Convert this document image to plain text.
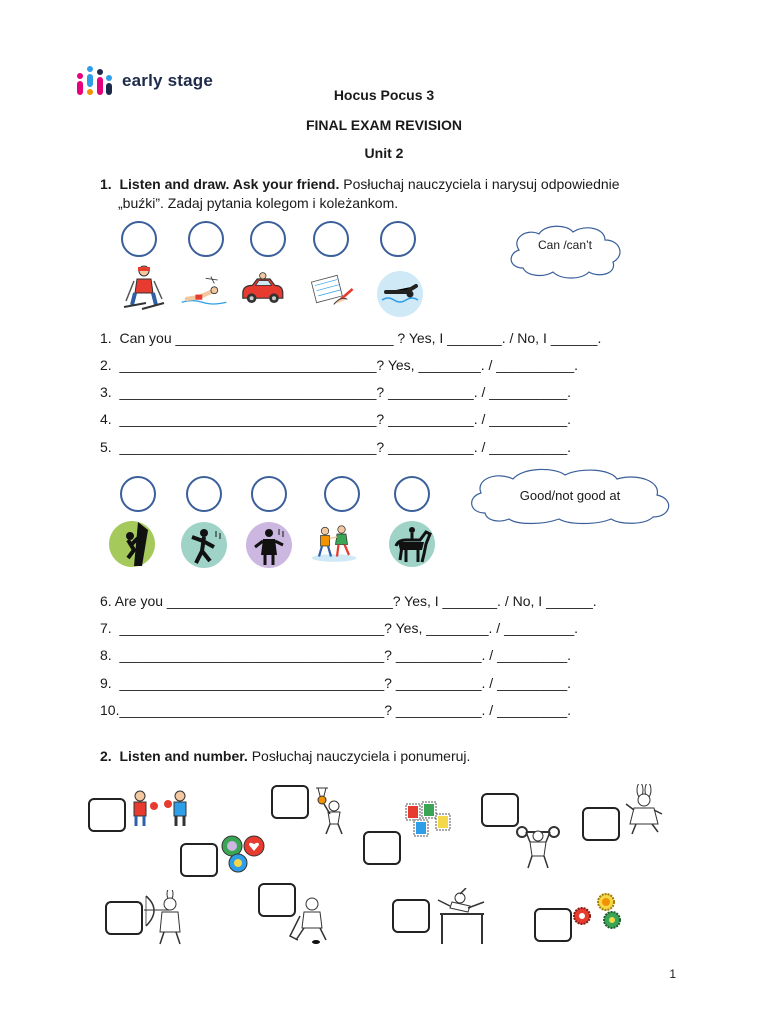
early stage
Hocus Pocus 3
FINAL EXAM REVISION
Unit 2
1. Listen and draw. Ask your friend. Posłuchaj nauczyciela i narysuj odpowiednie
„buźki”. Zadaj pytania kolegom i koleżankom.
Can /can’t
1.  Can you ____________________________ ? Yes, I _______. / No, I ______.
2.  _________________________________? Yes, ________. / __________.
3.  _________________________________? ___________. / __________.
4.  _________________________________? ___________. / __________.
5.  _________________________________? ___________. / __________.
Good/not good at
6. Are you _____________________________? Yes, I _______. / No, I ______.
7.  __________________________________? Yes, ________. / _________.
8.  __________________________________? ___________. / _________.
9.  __________________________________? ___________. / _________.
10.__________________________________? ___________. / _________.
2. Listen and number. Posłuchaj nauczyciela i ponumeruj.
1
